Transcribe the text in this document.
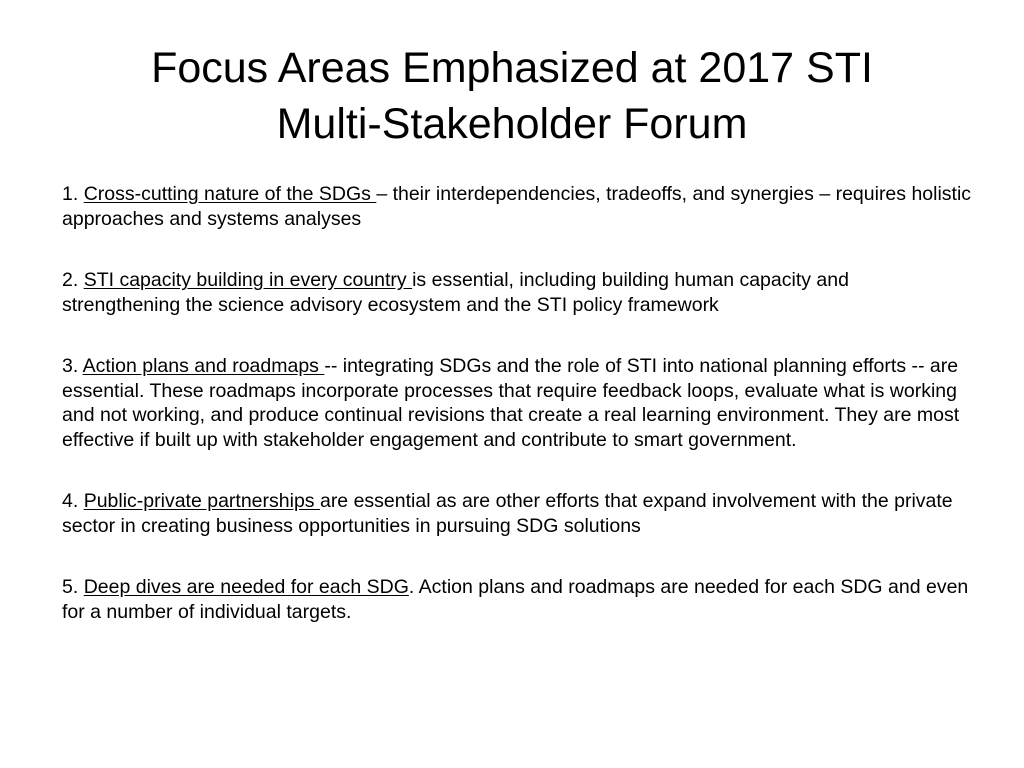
Focus Areas Emphasized at 2017 STI
Multi-Stakeholder Forum

1. Cross-cutting nature of the SDGs – their interdependencies, tradeoffs, and synergies – requires holistic approaches and systems analyses

2. STI capacity building in every country is essential, including building human capacity and strengthening the science advisory ecosystem and the STI policy framework

3. Action plans and roadmaps -- integrating SDGs and the role of STI into national planning efforts -- are essential. These roadmaps incorporate processes that require feedback loops, evaluate what is working and not working, and produce continual revisions that create a real learning environment. They are most effective if built up with stakeholder engagement and contribute to smart government.

4. Public-private partnerships are essential as are other efforts that expand involvement with the private sector in creating business opportunities in pursuing SDG solutions

5. Deep dives are needed for each SDG. Action plans and roadmaps are needed for each SDG and even for a number of individual targets.
